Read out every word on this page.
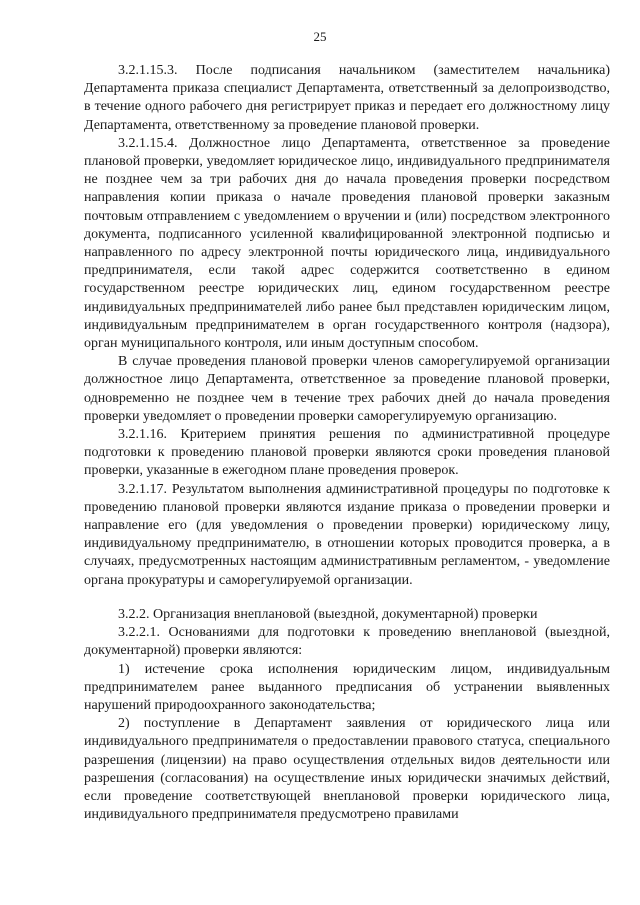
25

3.2.1.15.3. После подписания начальником (заместителем начальника) Департамента приказа специалист Департамента, ответственный за делопроизводство, в течение одного рабочего дня регистрирует приказ и передает его должностному лицу Департамента, ответственному за проведение плановой проверки.

3.2.1.15.4. Должностное лицо Департамента, ответственное за проведение плановой проверки, уведомляет юридическое лицо, индивидуального предпринимателя не позднее чем за три рабочих дня до начала проведения проверки посредством направления копии приказа о начале проведения плановой проверки заказным почтовым отправлением с уведомлением о вручении и (или) посредством электронного документа, подписанного усиленной квалифицированной электронной подписью и направленного по адресу электронной почты юридического лица, индивидуального предпринимателя, если такой адрес содержится соответственно в едином государственном реестре юридических лиц, едином государственном реестре индивидуальных предпринимателей либо ранее был представлен юридическим лицом, индивидуальным предпринимателем в орган государственного контроля (надзора), орган муниципального контроля, или иным доступным способом.

В случае проведения плановой проверки членов саморегулируемой организации должностное лицо Департамента, ответственное за проведение плановой проверки, одновременно не позднее чем в течение трех рабочих дней до начала проведения проверки уведомляет о проведении проверки саморегулируемую организацию.

3.2.1.16. Критерием принятия решения по административной процедуре подготовки к проведению плановой проверки являются сроки проведения плановой проверки, указанные в ежегодном плане проведения проверок.

3.2.1.17. Результатом выполнения административной процедуры по подготовке к проведению плановой проверки являются издание приказа о проведении проверки и направление его (для уведомления о проведении проверки) юридическому лицу, индивидуальному предпринимателю, в отношении которых проводится проверка, а в случаях, предусмотренных настоящим административным регламентом, - уведомление органа прокуратуры и саморегулируемой организации.

3.2.2. Организация внеплановой (выездной, документарной) проверки

3.2.2.1. Основаниями для подготовки к проведению внеплановой (выездной, документарной) проверки являются:

1) истечение срока исполнения юридическим лицом, индивидуальным предпринимателем ранее выданного предписания об устранении выявленных нарушений природоохранного законодательства;

2) поступление в Департамент заявления от юридического лица или индивидуального предпринимателя о предоставлении правового статуса, специального разрешения (лицензии) на право осуществления отдельных видов деятельности или разрешения (согласования) на осуществление иных юридически значимых действий, если проведение соответствующей внеплановой проверки юридического лица, индивидуального предпринимателя предусмотрено правилами
